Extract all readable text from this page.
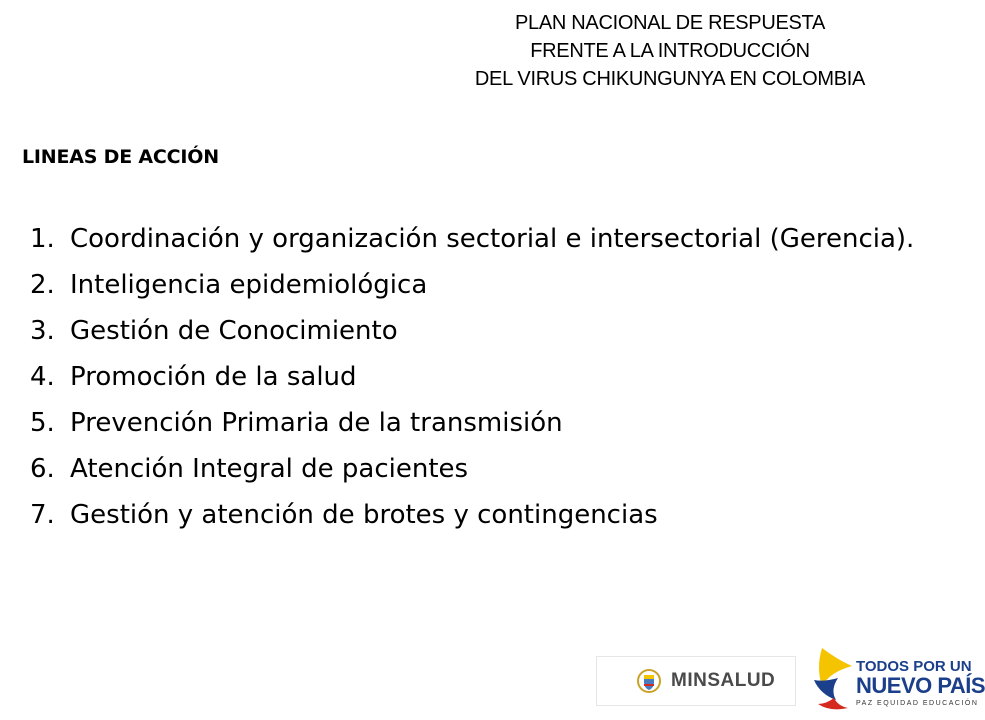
PLAN NACIONAL DE RESPUESTA
FRENTE A LA INTRODUCCIÓN
DEL VIRUS CHIKUNGUNYA EN COLOMBIA
LINEAS DE ACCIÓN
1. Coordinación y organización sectorial e intersectorial (Gerencia).
2. Inteligencia epidemiológica
3. Gestión de Conocimiento
4. Promoción de la salud
5. Prevención Primaria de la transmisión
6. Atención Integral de pacientes
7. Gestión y atención de brotes y contingencias
MINSALUD
TODOS POR UN
NUEVO PAÍS
PAZ EQUIDAD EDUCACIÓN
